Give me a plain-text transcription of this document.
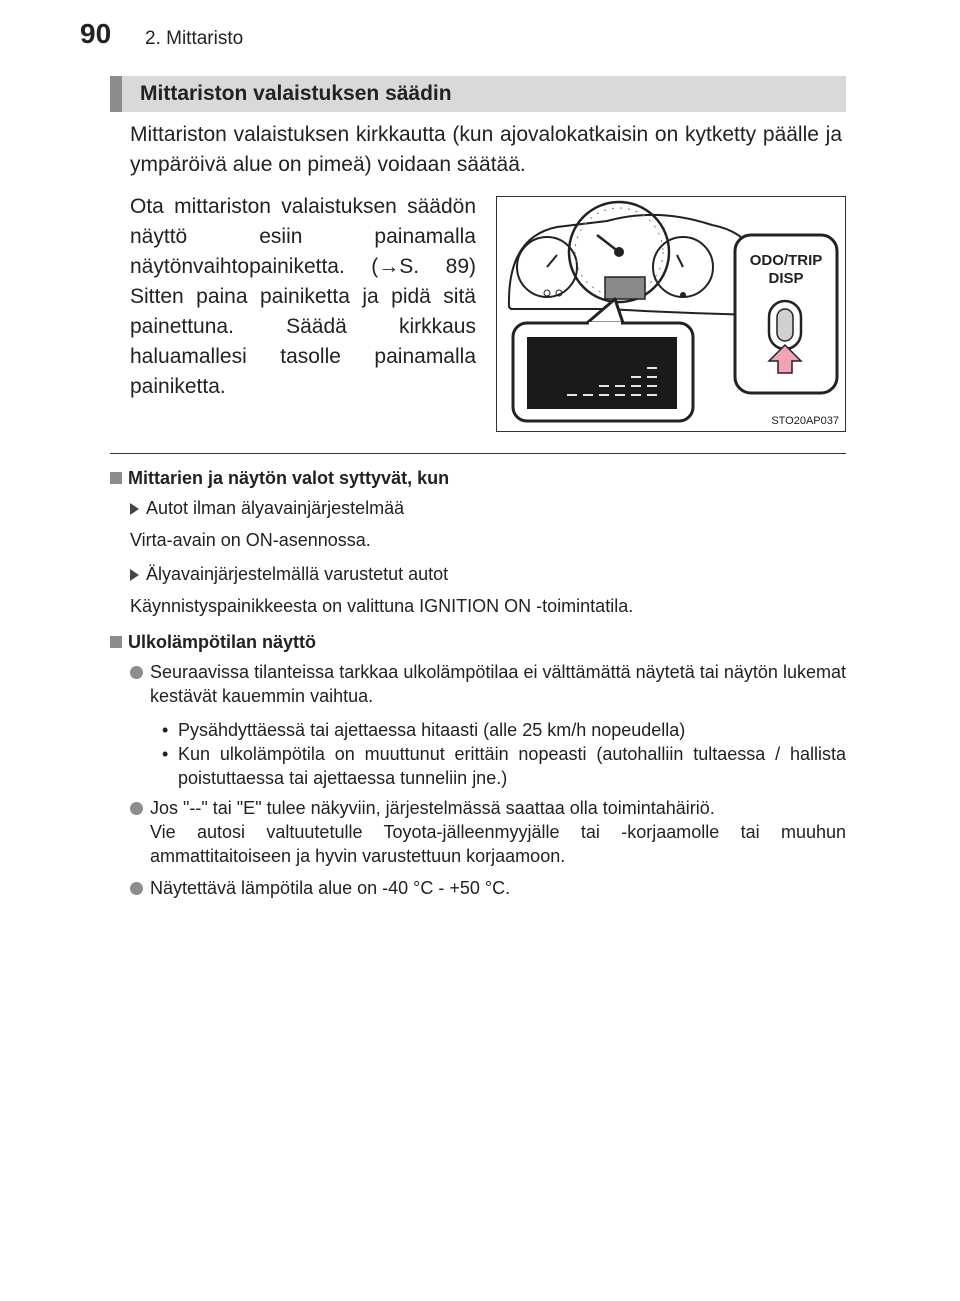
90 2. Mittaristo
Mittariston valaistuksen säädin
Mittariston valaistuksen kirkkautta (kun ajovalokatkaisin on kytketty päälle ja ympäröivä alue on pimeä) voidaan säätää.
Ota mittariston valaistuksen säädön näyttö esiin painamalla näytönvaihtopainiketta. (→S. 89) Sitten paina painiketta ja pidä sitä painettuna. Säädä kirkkaus haluamallesi tasolle painamalla painiketta.
ODO/TRIP
DISP
STO20AP037
Mittarien ja näytön valot syttyvät, kun
Autot ilman älyavainjärjestelmää
Virta-avain on ON-asennossa.
Älyavainjärjestelmällä varustetut autot
Käynnistyspainikkeesta on valittuna IGNITION ON -toimintatila.
Ulkolämpötilan näyttö
Seuraavissa tilanteissa tarkkaa ulkolämpötilaa ei välttämättä näytetä tai näytön lukemat kestävät kauemmin vaihtua.
• Pysähdyttäessä tai ajettaessa hitaasti (alle 25 km/h nopeudella)
• Kun ulkolämpötila on muuttunut erittäin nopeasti (autohalliin tultaessa / hallista poistuttaessa tai ajettaessa tunneliin jne.)
Jos "--" tai "E" tulee näkyviin, järjestelmässä saattaa olla toimintahäiriö.
Vie autosi valtuutetulle Toyota-jälleenmyyjälle tai -korjaamolle tai muuhun ammattitaitoiseen ja hyvin varustettuun korjaamoon.
Näytettävä lämpötila alue on -40 °C - +50 °C.
